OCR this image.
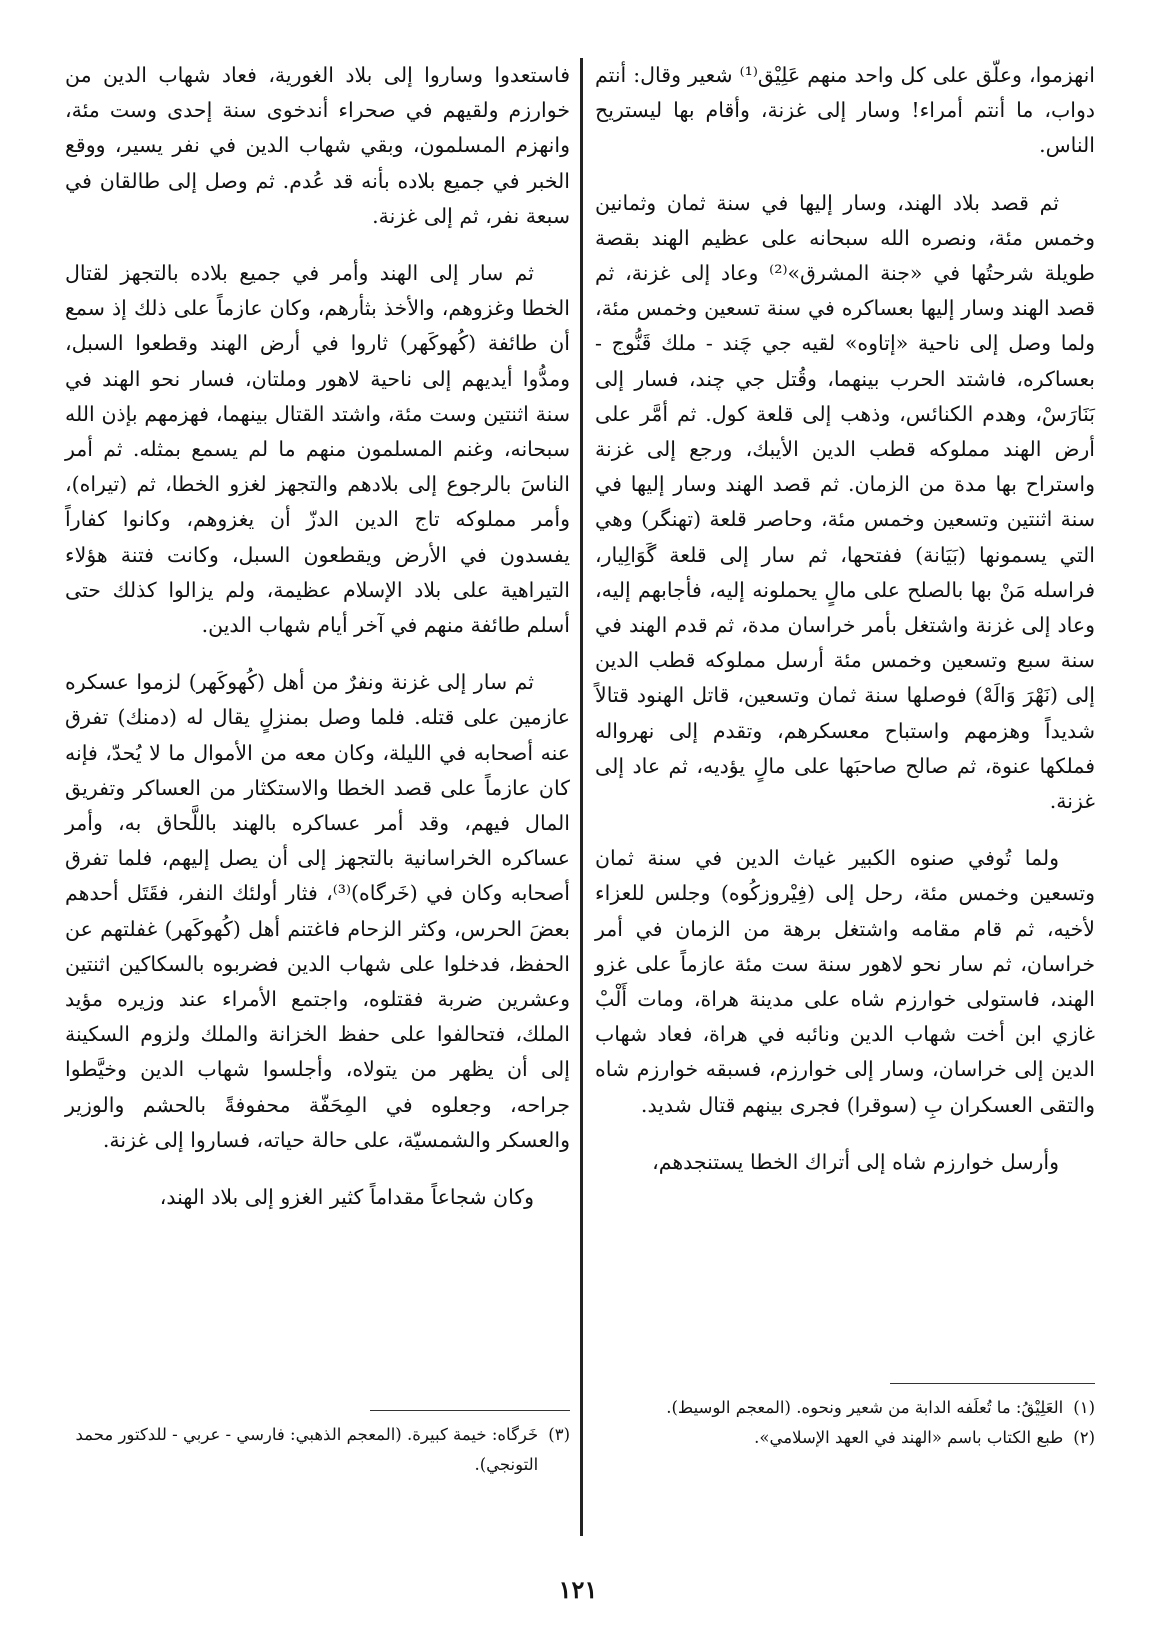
انهزموا، وعلّق على كل واحد منهم عَلِيْق⁽¹⁾ شعير وقال: أنتم دواب، ما أنتم أمراء! وسار إلى غزنة، وأقام بها ليستريح الناس.

ثم قصد بلاد الهند، وسار إليها في سنة ثمان وثمانين وخمس مئة، ونصره الله سبحانه على عظيم الهند بقصة طويلة شرحتُها في «جنة المشرق»⁽²⁾ وعاد إلى غزنة، ثم قصد الهند وسار إليها بعساكره في سنة تسعين وخمس مئة، ولما وصل إلى ناحية «إتاوه» لقيه جي چَند - ملك قَنُّوج - بعساكره، فاشتد الحرب بينهما، وقُتل جي چند، فسار إلى بَنَارَسْ، وهدم الكنائس، وذهب إلى قلعة كول. ثم أمَّر على أرض الهند مملوكه قطب الدين الأيبك، ورجع إلى غزنة واستراح بها مدة من الزمان. ثم قصد الهند وسار إليها في سنة اثنتين وتسعين وخمس مئة، وحاصر قلعة (تهنگر) وهي التي يسمونها (بَيَانة) ففتحها، ثم سار إلى قلعة گَوَالِيار، فراسله مَنْ بها بالصلح على مالٍ يحملونه إليه، فأجابهم إليه، وعاد إلى غزنة واشتغل بأمر خراسان مدة، ثم قدم الهند في سنة سبع وتسعين وخمس مئة أرسل مملوكه قطب الدين إلى (نَهْرَ وَالَهْ) فوصلها سنة ثمان وتسعين، قاتل الهنود قتالاً شديداً وهزمهم واستباح معسكرهم، وتقدم إلى نهرواله فملكها عنوة، ثم صالح صاحبَها على مالٍ يؤديه، ثم عاد إلى غزنة.

ولما تُوفي صنوه الكبير غياث الدين في سنة ثمان وتسعين وخمس مئة، رحل إلى (فِيْروزكُوه) وجلس للعزاء لأخيه، ثم قام مقامه واشتغل برهة من الزمان في أمر خراسان، ثم سار نحو لاهور سنة ست مئة عازماً على غزو الهند، فاستولى خوارزم شاه على مدينة هراة، ومات أَلْبْ غازي ابن أخت شهاب الدين ونائبه في هراة، فعاد شهاب الدين إلى خراسان، وسار إلى خوارزم، فسبقه خوارزم شاه والتقى العسكران بِ (سوقرا) فجرى بينهم قتال شديد.

وأرسل خوارزم شاه إلى أتراك الخطا يستنجدهم،

فاستعدوا وساروا إلى بلاد الغورية، فعاد شهاب الدين من خوارزم ولقيهم في صحراء أندخوى سنة إحدى وست مئة، وانهزم المسلمون، وبقي شهاب الدين في نفر يسير، ووقع الخبر في جميع بلاده بأنه قد عُدم. ثم وصل إلى طالقان في سبعة نفر، ثم إلى غزنة.

ثم سار إلى الهند وأمر في جميع بلاده بالتجهز لقتال الخطا وغزوهم، والأخذ بثأرهم، وكان عازماً على ذلك إذ سمع أن طائفة (كُهوكَهر) ثاروا في أرض الهند وقطعوا السبل، ومدُّوا أيديهم إلى ناحية لاهور وملتان، فسار نحو الهند في سنة اثنتين وست مئة، واشتد القتال بينهما، فهزمهم بإذن الله سبحانه، وغنم المسلمون منهم ما لم يسمع بمثله. ثم أمر الناسَ بالرجوع إلى بلادهم والتجهز لغزو الخطا، ثم (تيراه)، وأمر مملوكه تاج الدين الدزّ أن يغزوهم، وكانوا كفاراً يفسدون في الأرض ويقطعون السبل، وكانت فتنة هؤلاء التيراهية على بلاد الإسلام عظيمة، ولم يزالوا كذلك حتى أسلم طائفة منهم في آخر أيام شهاب الدين.

ثم سار إلى غزنة ونفرٌ من أهل (كُهوكَهر) لزموا عسكره عازمين على قتله. فلما وصل بمنزلٍ يقال له (دمنك) تفرق عنه أصحابه في الليلة، وكان معه من الأموال ما لا يُحدّ، فإنه كان عازماً على قصد الخطا والاستكثار من العساكر وتفريق المال فيهم، وقد أمر عساكره بالهند باللَّحاق به، وأمر عساكره الخراسانية بالتجهز إلى أن يصل إليهم، فلما تفرق أصحابه وكان في (خَرگاه)⁽³⁾، فثار أولئك النفر، فقَتَل أحدهم بعضَ الحرس، وكثر الزحام فاغتنم أهل (كُهوكَهر) غفلتهم عن الحفظ، فدخلوا على شهاب الدين فضربوه بالسكاكين اثنتين وعشرين ضربة فقتلوه، واجتمع الأمراء عند وزيره مؤيد الملك، فتحالفوا على حفظ الخزانة والملك ولزوم السكينة إلى أن يظهر من يتولاه، وأجلسوا شهاب الدين وخيَّطوا جراحه، وجعلوه في المِحَفّة محفوفةً بالحشم والوزير والعسكر والشمسيّة، على حالة حياته، فساروا إلى غزنة.

وكان شجاعاً مقداماً كثير الغزو إلى بلاد الهند،

(١)
العَلِيْقُ: ما تُعلَفه الدابة من شعير ونحوه. (المعجم الوسيط).

(٢)
طبع الكتاب باسم «الهند في العهد الإسلامي».

(٣)
خَرگاه: خيمة كبيرة. (المعجم الذهبي: فارسي - عربي - للدكتور محمد التونجي).

١٢١
